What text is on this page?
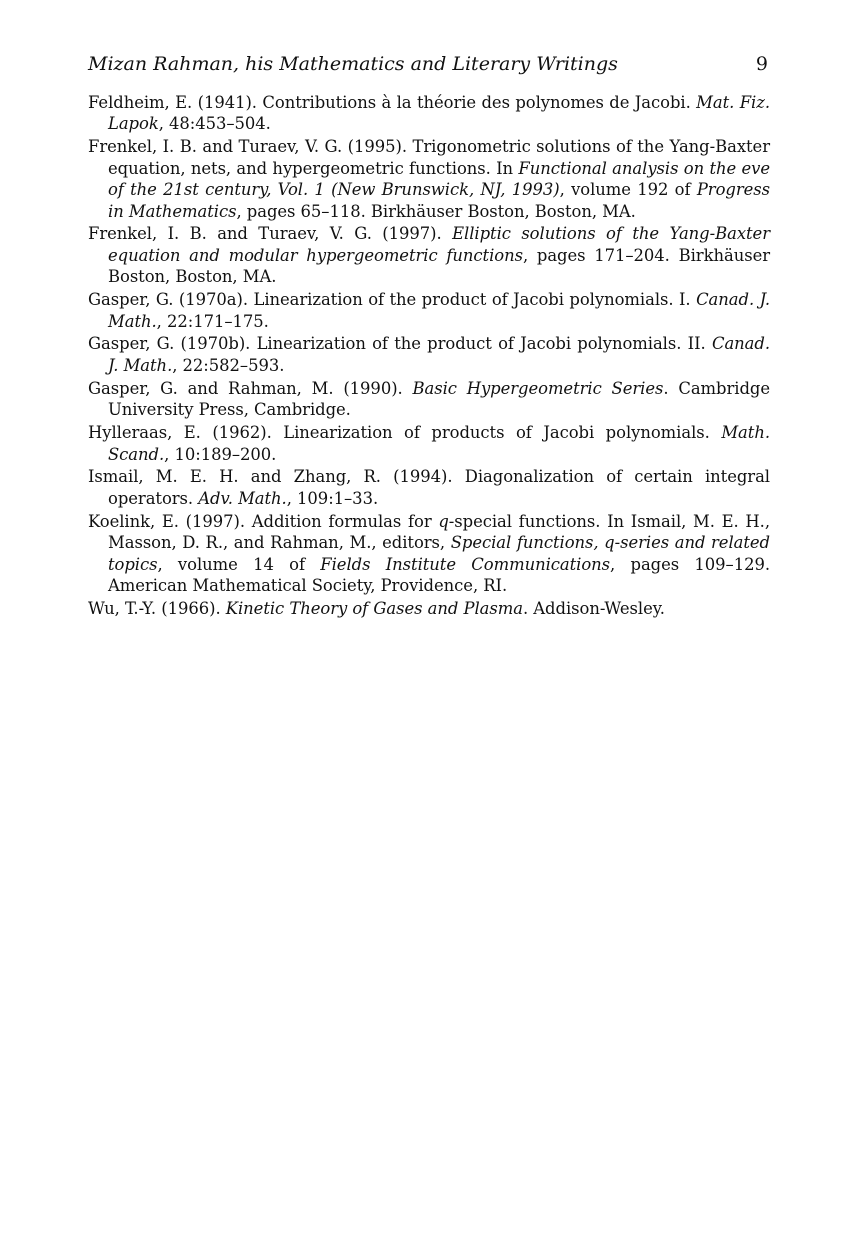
Mizan Rahman, his Mathematics and Literary Writings	9
Feldheim, E. (1941). Contributions à la théorie des polynomes de Jacobi. Mat. Fiz. Lapok, 48:453–504.
Frenkel, I. B. and Turaev, V. G. (1995). Trigonometric solutions of the Yang-Baxter equation, nets, and hypergeometric functions. In Functional analysis on the eve of the 21st century, Vol. 1 (New Brunswick, NJ, 1993), volume 192 of Progress in Mathematics, pages 65–118. Birkhäuser Boston, Boston, MA.
Frenkel, I. B. and Turaev, V. G. (1997). Elliptic solutions of the Yang-Baxter equation and modular hypergeometric functions, pages 171–204. Birkhäuser Boston, Boston, MA.
Gasper, G. (1970a). Linearization of the product of Jacobi polynomials. I. Canad. J. Math., 22:171–175.
Gasper, G. (1970b). Linearization of the product of Jacobi polynomials. II. Canad. J. Math., 22:582–593.
Gasper, G. and Rahman, M. (1990). Basic Hypergeometric Series. Cambridge University Press, Cambridge.
Hylleraas, E. (1962). Linearization of products of Jacobi polynomials. Math. Scand., 10:189–200.
Ismail, M. E. H. and Zhang, R. (1994). Diagonalization of certain integral operators. Adv. Math., 109:1–33.
Koelink, E. (1997). Addition formulas for q-special functions. In Ismail, M. E. H., Masson, D. R., and Rahman, M., editors, Special functions, q-series and related topics, volume 14 of Fields Institute Communications, pages 109–129. American Mathematical Society, Providence, RI.
Wu, T.-Y. (1966). Kinetic Theory of Gases and Plasma. Addison-Wesley.
